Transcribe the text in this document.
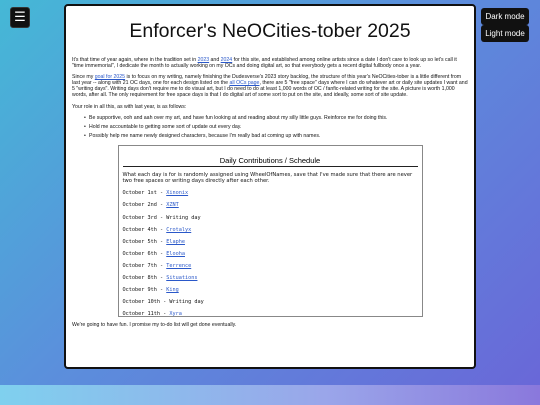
☰	Dark mode
Light mode
Enforcer's NeOCities-tober 2025

It's that time of year again, where in the tradition set in 2023 and 2024 for this site, and established among online artists since a date I don't care to look up so let's call it "time immemorial", I dedicate the month to actually working on my OCs and doing digital art, so that everybody gets a recent digital fullbody once a year.

Since my goal for 2025 is to focus on my writing, namely finishing the Dudesverse's 2023 story backlog, the structure of this year's NeOCities-tober is a little different from last year -- along with 21 OC days, one for each design listed on the all OCs page, there are 5 "free space" days where I can do whatever art or daily site updates I want and 5 "writing days". Writing days don't require me to do visual art, but I do need to do at least 1,000 words of OC / fanfic-related writing for the site. A picture is worth 1,000 words, after all. The only requirement for free space days is that I do digital art of some sort to put on the site, and ideally, some sort of site update.

Your role in all this, as with last year, is as follows:

• Be supportive, ooh and aah over my art, and have fun looking at and reading about my silly little guys. Reinforce me for doing this.
• Hold me accountable to getting some sort of update out every day.
• Possibly help me name newly designed characters, because I'm really bad at coming up with names.
Daily Contributions / Schedule

What each day is for is randomly assigned using WheelOfNames, save that I've made sure that there are never two free spaces or writing days directly after each other.

October 1st - Xinonix
October 2nd - XZNT
October 3rd - Writing day
October 4th - Crotalyx
October 5th - Elaphe
October 6th - Elooha
October 7th - Terrence
October 8th - Situations
October 9th - King
October 10th - Writing day
October 11th - Xyra

We're going to have fun. I promise my to-do list will get done eventually.
